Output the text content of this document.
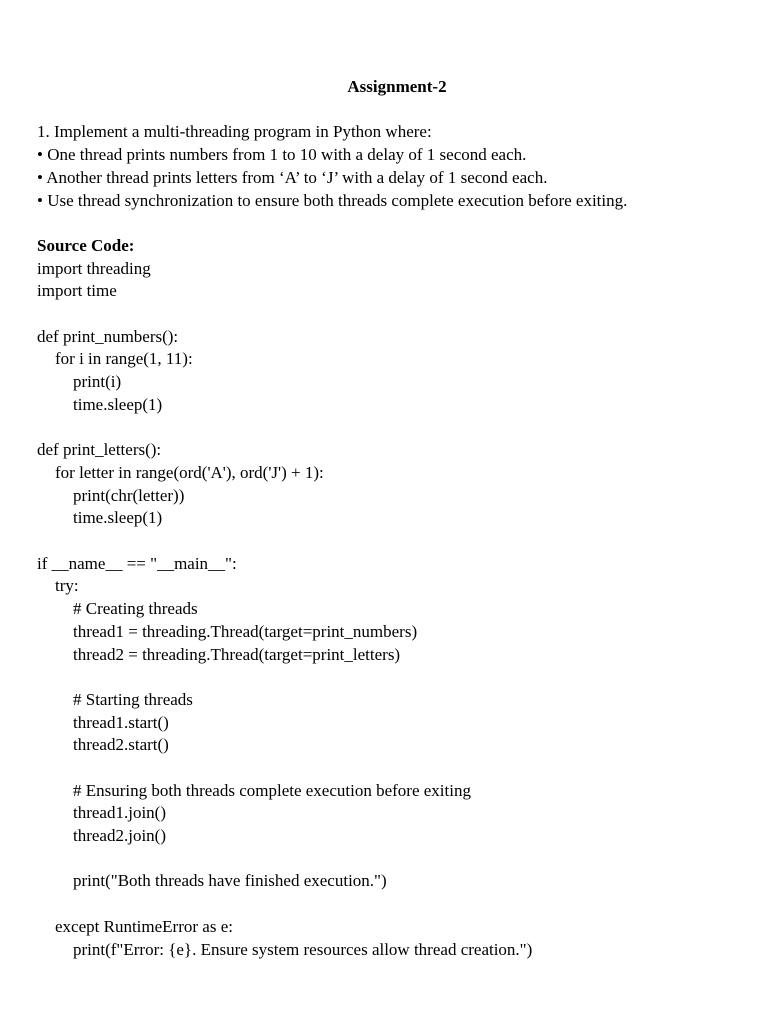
Assignment-2
1. Implement a multi-threading program in Python where:
• One thread prints numbers from 1 to 10 with a delay of 1 second each.
• Another thread prints letters from ‘A’ to ‘J’ with a delay of 1 second each.
• Use thread synchronization to ensure both threads complete execution before exiting.
Source Code:
import threading
import time
def print_numbers():
for i in range(1, 11):
print(i)
time.sleep(1)
def print_letters():
for letter in range(ord('A'), ord('J') + 1):
print(chr(letter))
time.sleep(1)
if __name__ == "__main__":
try:
# Creating threads
thread1 = threading.Thread(target=print_numbers)
thread2 = threading.Thread(target=print_letters)
# Starting threads
thread1.start()
thread2.start()
# Ensuring both threads complete execution before exiting
thread1.join()
thread2.join()
print("Both threads have finished execution.")
except RuntimeError as e:
print(f"Error: {e}. Ensure system resources allow thread creation.")
